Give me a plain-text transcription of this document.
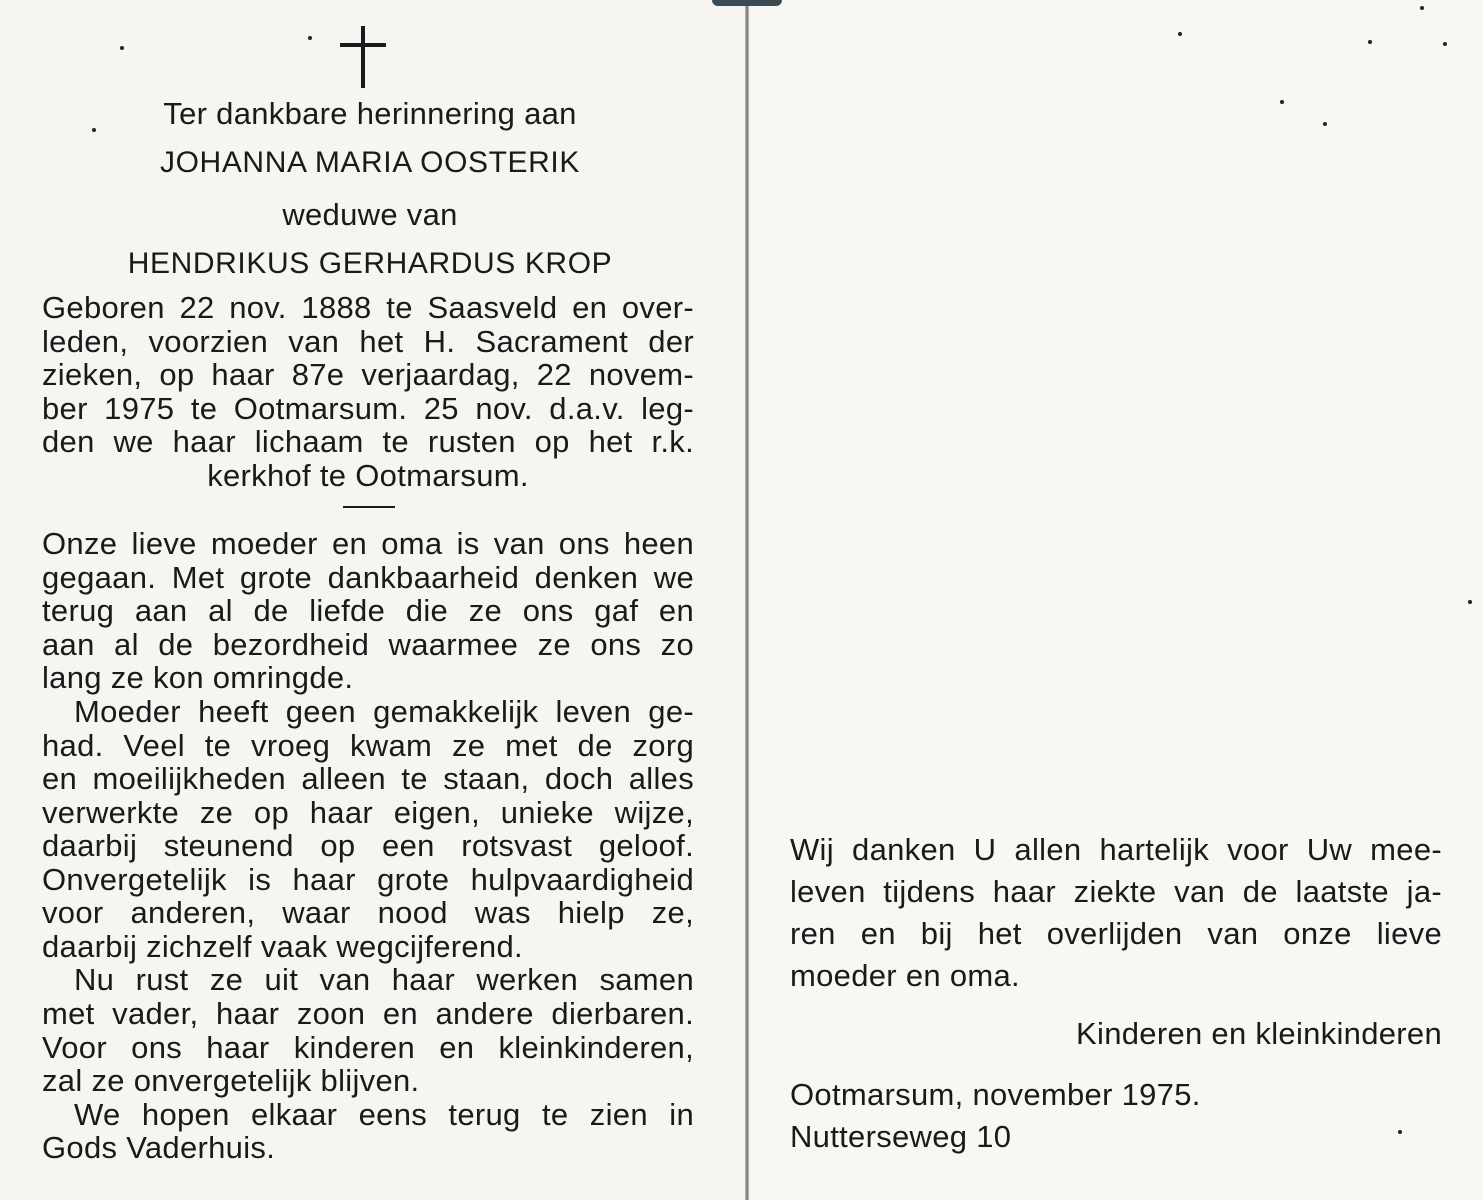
Ter dankbare herinnering aan
JOHANNA MARIA OOSTERIK
weduwe van
HENDRIKUS GERHARDUS KROP
Geboren 22 nov. 1888 te Saasveld en over-
leden, voorzien van het H. Sacrament der
zieken, op haar 87e verjaardag, 22 novem-
ber 1975 te Ootmarsum. 25 nov. d.a.v. leg-
den we haar lichaam te rusten op het r.k.
kerkhof te Ootmarsum.
Onze lieve moeder en oma is van ons heen
gegaan. Met grote dankbaarheid denken we
terug aan al de liefde die ze ons gaf en
aan al de bezordheid waarmee ze ons zo
lang ze kon omringde.
Moeder heeft geen gemakkelijk leven ge-
had. Veel te vroeg kwam ze met de zorg
en moeilijkheden alleen te staan, doch alles
verwerkte ze op haar eigen, unieke wijze,
daarbij steunend op een rotsvast geloof.
Onvergetelijk is haar grote hulpvaardigheid
voor anderen, waar nood was hielp ze,
daarbij zichzelf vaak wegcijferend.
Nu rust ze uit van haar werken samen
met vader, haar zoon en andere dierbaren.
Voor ons haar kinderen en kleinkinderen,
zal ze onvergetelijk blijven.
We hopen elkaar eens terug te zien in
Gods Vaderhuis.
Wij danken U allen hartelijk voor Uw mee-
leven tijdens haar ziekte van de laatste ja-
ren en bij het overlijden van onze lieve
moeder en oma.
Kinderen en kleinkinderen
Ootmarsum, november 1975.
Nutterseweg 10
